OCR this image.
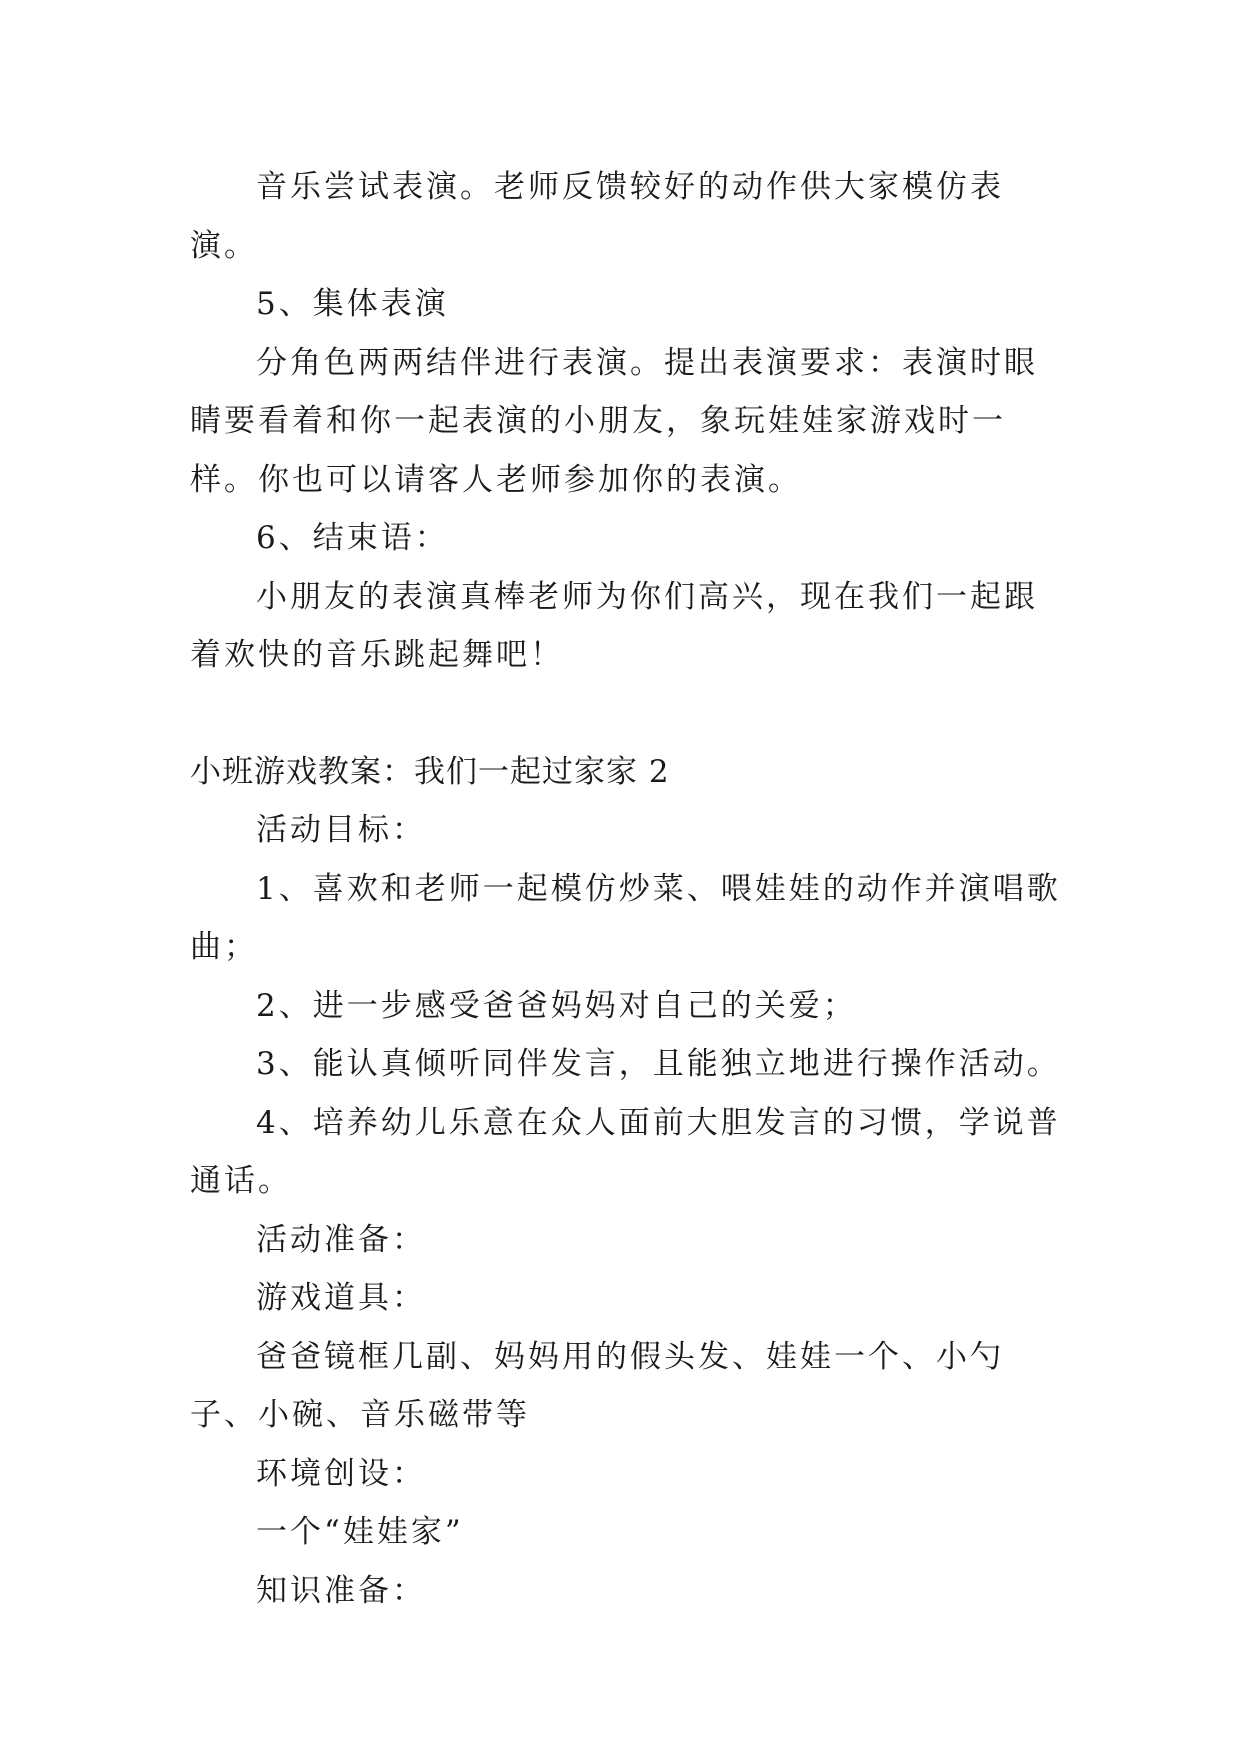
音乐尝试表演。老师反馈较好的动作供大家模仿表演。

5、集体表演

分角色两两结伴进行表演。提出表演要求：表演时眼睛要看着和你一起表演的小朋友，象玩娃娃家游戏时一样。你也可以请客人老师参加你的表演。

6、结束语：

小朋友的表演真棒老师为你们高兴，现在我们一起跟着欢快的音乐跳起舞吧！

小班游戏教案：我们一起过家家 2

活动目标：

1、喜欢和老师一起模仿炒菜、喂娃娃的动作并演唱歌曲；

2、进一步感受爸爸妈妈对自己的关爱；

3、能认真倾听同伴发言，且能独立地进行操作活动。

4、培养幼儿乐意在众人面前大胆发言的习惯，学说普通话。

活动准备：

游戏道具：

爸爸镜框几副、妈妈用的假头发、娃娃一个、小勺子、小碗、音乐磁带等

环境创设：

一个“娃娃家”

知识准备：
